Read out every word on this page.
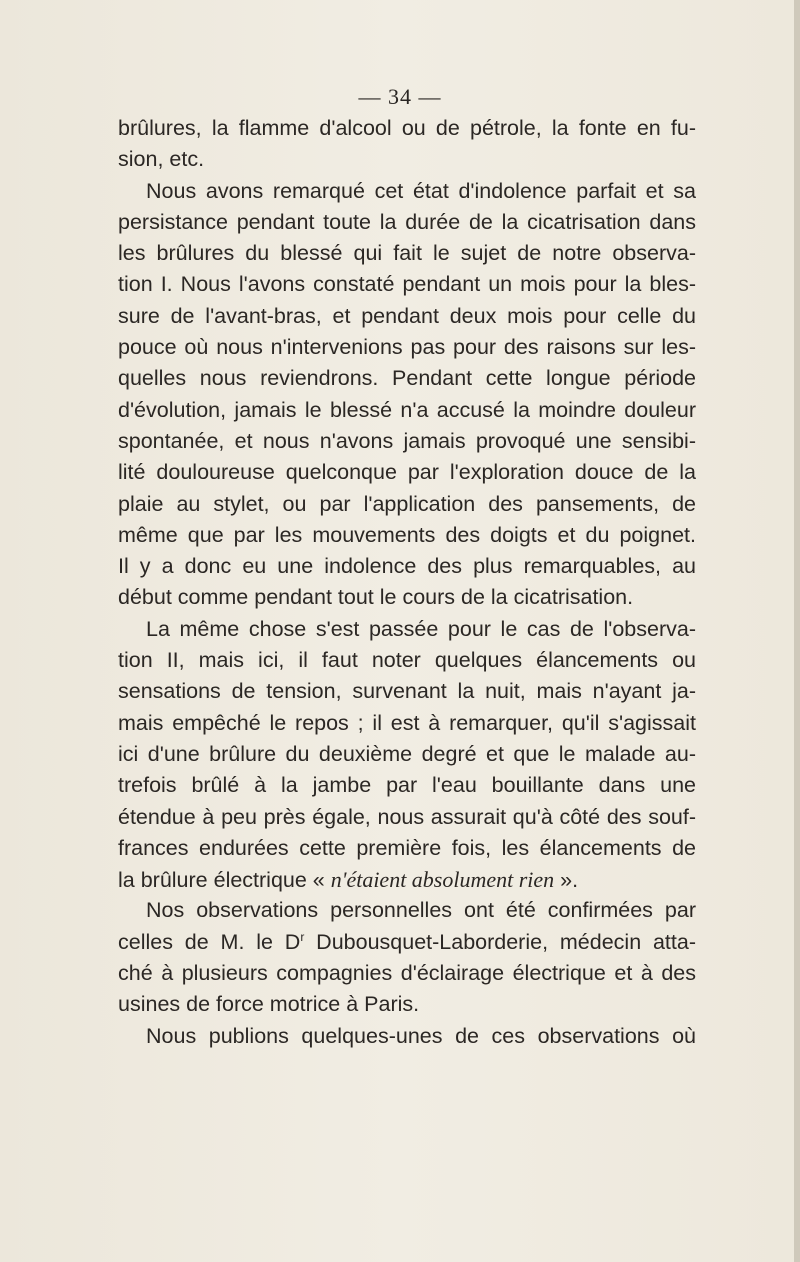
— 34 —
brûlures, la flamme d'alcool ou de pétrole, la fonte en fu-
sion, etc.
Nous avons remarqué cet état d'indolence parfait et sa
persistance pendant toute la durée de la cicatrisation dans
les brûlures du blessé qui fait le sujet de notre observa-
tion I. Nous l'avons constaté pendant un mois pour la bles-
sure de l'avant-bras, et pendant deux mois pour celle du
pouce où nous n'intervenions pas pour des raisons sur les-
quelles nous reviendrons. Pendant cette longue période
d'évolution, jamais le blessé n'a accusé la moindre douleur
spontanée, et nous n'avons jamais provoqué une sensibi-
lité douloureuse quelconque par l'exploration douce de la
plaie au stylet, ou par l'application des pansements, de
même que par les mouvements des doigts et du poignet.
Il y a donc eu une indolence des plus remarquables, au
début comme pendant tout le cours de la cicatrisation.
La même chose s'est passée pour le cas de l'observa-
tion II, mais ici, il faut noter quelques élancements ou
sensations de tension, survenant la nuit, mais n'ayant ja-
mais empêché le repos ; il est à remarquer, qu'il s'agissait
ici d'une brûlure du deuxième degré et que le malade au-
trefois brûlé à la jambe par l'eau bouillante dans une
étendue à peu près égale, nous assurait qu'à côté des souf-
frances endurées cette première fois, les élancements de
la brûlure électrique « n'étaient absolument rien ».
Nos observations personnelles ont été confirmées par
celles de M. le $D^r$ Dubousquet-Laborderie, médecin atta-
ché à plusieurs compagnies d'éclairage électrique et à des
usines de force motrice à Paris.
Nous publions quelques-unes de ces observations où
